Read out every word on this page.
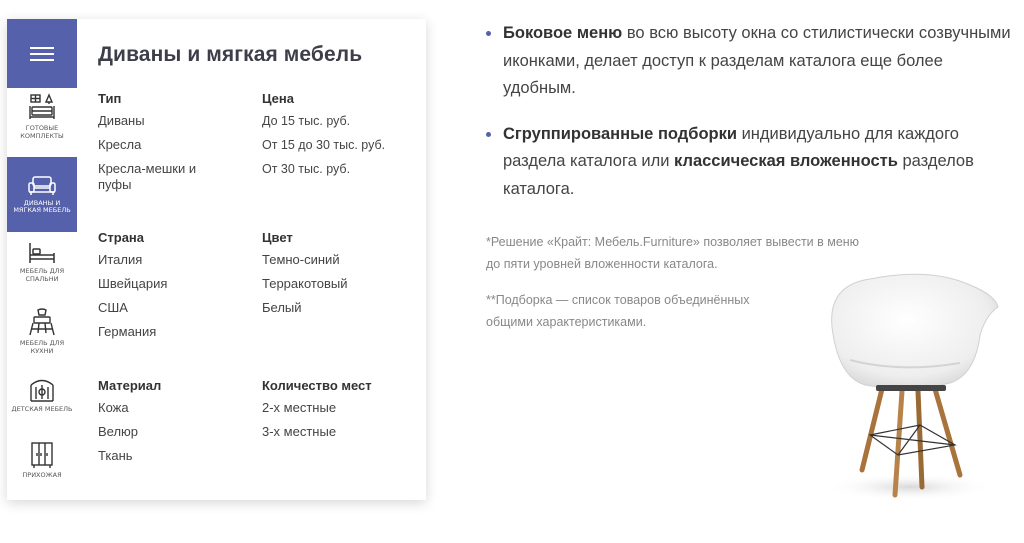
ГОТОВЫЕ КОМПЛЕКТЫ
ДИВАНЫ И МЯГКАЯ МЕБЕЛЬ
МЕБЕЛЬ ДЛЯ СПАЛЬНИ
МЕБЕЛЬ ДЛЯ КУХНИ
ДЕТСКАЯ МЕБЕЛЬ
ПРИХОЖАЯ
Диваны и мягкая мебель
Тип
Диваны
Кресла
Кресла-мешки и пуфы
Цена
До 15 тыс. руб.
От 15 до 30 тыс. руб.
От 30 тыс. руб.
Страна
Италия
Швейцария
США
Германия
Цвет
Темно-синий
Терракотовый
Белый
Материал
Кожа
Велюр
Ткань
Количество мест
2-х местные
3-х местные

Боковое меню во всю высоту окна со стилистически созвучными иконками, делает доступ к разделам каталога еще более удобным.

Сгруппированные подборки индивидуально для каждого раздела каталога или классическая вложенность разделов каталога.

*Решение «Крайт: Мебель.Furniture» позволяет вывести в меню
до пяти уровней вложенности каталога.
**Подборка — список товаров объединённых
общими характеристиками.
